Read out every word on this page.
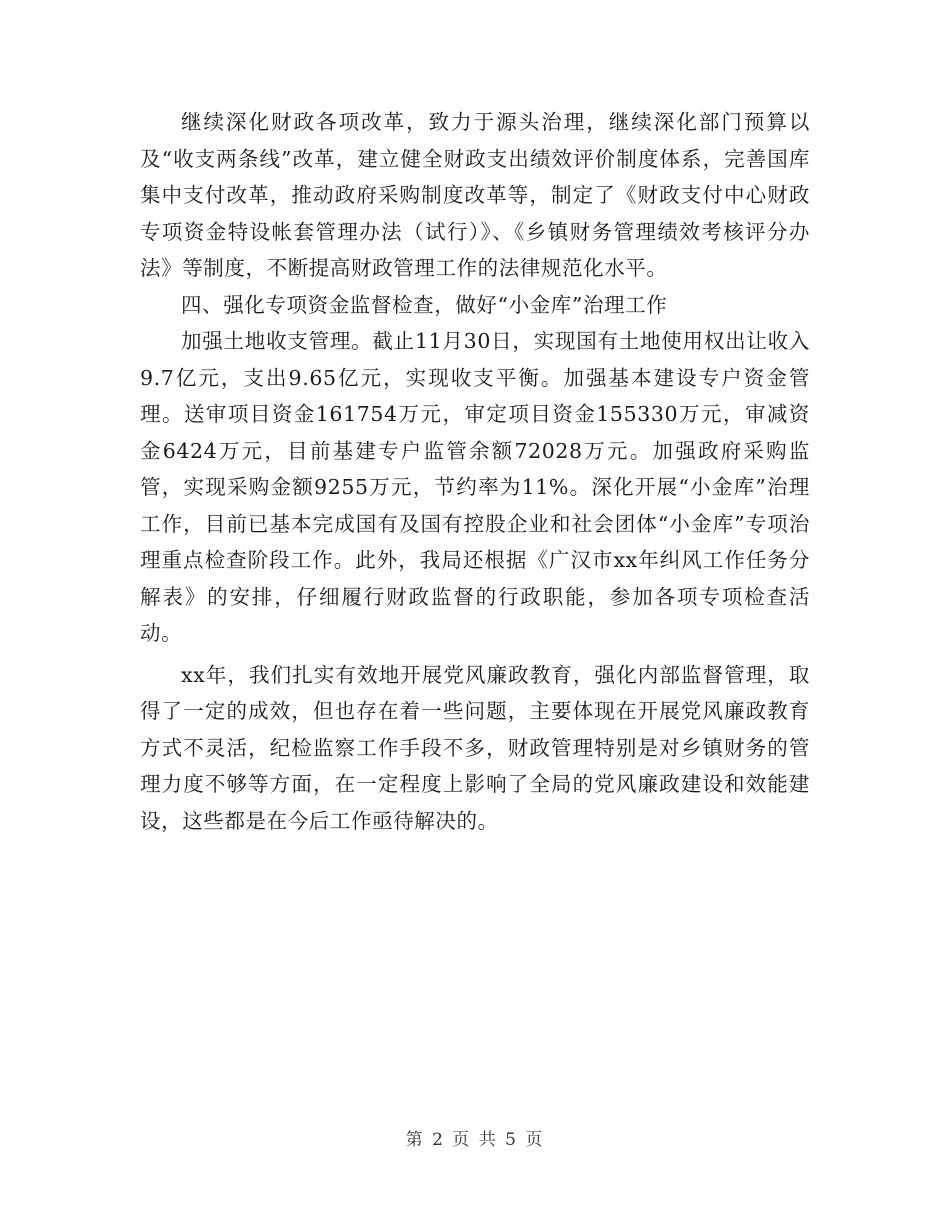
继续深化财政各项改革，致力于源头治理，继续深化部门预算以及“收支两条线”改革，建立健全财政支出绩效评价制度体系，完善国库集中支付改革，推动政府采购制度改革等，制定了《财政支付中心财政专项资金特设帐套管理办法（试行）》、《乡镇财务管理绩效考核评分办法》等制度，不断提高财政管理工作的法律规范化水平。

四、强化专项资金监督检查，做好“小金库”治理工作

加强土地收支管理。截止11月30日，实现国有土地使用权出让收入9.7亿元，支出9.65亿元，实现收支平衡。加强基本建设专户资金管理。送审项目资金161754万元，审定项目资金155330万元，审减资金6424万元，目前基建专户监管余额72028万元。加强政府采购监管，实现采购金额9255万元，节约率为11%。深化开展“小金库”治理工作，目前已基本完成国有及国有控股企业和社会团体“小金库”专项治理重点检查阶段工作。此外，我局还根据《广汉市xx年纠风工作任务分解表》的安排，仔细履行财政监督的行政职能，参加各项专项检查活动。

xx年，我们扎实有效地开展党风廉政教育，强化内部监督管理，取得了一定的成效，但也存在着一些问题，主要体现在开展党风廉政教育方式不灵活，纪检监察工作手段不多，财政管理特别是对乡镇财务的管理力度不够等方面，在一定程度上影响了全局的党风廉政建设和效能建设，这些都是在今后工作亟待解决的。

第 2 页 共 5 页
